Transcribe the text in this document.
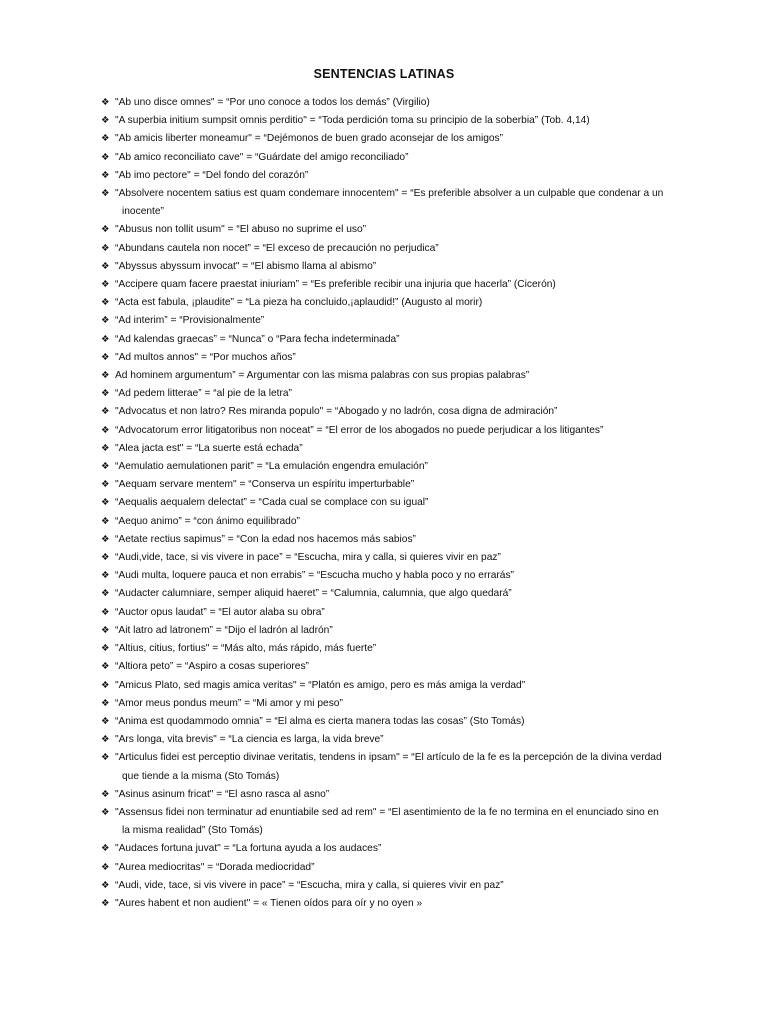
SENTENCIAS LATINAS
❖ "Ab uno disce omnes" = “Por uno conoce a todos los demás” (Virgilio)
❖ "A superbia initium sumpsit omnis perditio" = “Toda perdición toma su principio de la soberbia” (Tob. 4,14)
❖ "Ab amicis liberter moneamur" = “Dejémonos de buen grado aconsejar de los amigos”
❖ "Ab amico reconciliato cave" = “Guárdate del amigo reconciliado”
❖ "Ab imo pectore" = “Del fondo del corazón”
❖ "Absolvere nocentem satius est quam condemare innocentem" = “Es preferible absolver a un culpable que condenar a un
inocente”
❖ "Abusus non tollit usum" = “El abuso no suprime el uso”
❖ “Abundans cautela non nocet” = “El exceso de precaución no perjudica”
❖ "Abyssus abyssum invocat" = “El abismo llama al abismo”
❖ “Accipere quam facere praestat iniuriam” = “Es preferible recibir una injuria que hacerla” (Cicerón)
❖ “Acta est fabula, ¡plaudite” = “La pieza ha concluido,¡aplaudid!” (Augusto al morir)
❖ “Ad interim” = “Provisionalmente”
❖ “Ad kalendas graecas” = “Nunca” o “Para fecha indeterminada”
❖ "Ad multos annos" = “Por muchos años”
❖ Ad hominem argumentum” = Argumentar con las misma palabras con sus propias palabras”
❖ “Ad pedem litterae” = “al pie de la letra”
❖ "Advocatus et non latro? Res miranda populo" = “Abogado y no ladrón, cosa digna de admiración”
❖ “Advocatorum error litigatoribus non noceat” = “El error de los abogados no puede perjudicar a los litigantes”
❖ "Alea jacta est" = “La suerte está echada”
❖ “Aemulatio aemulationen parit” = “La emulación engendra emulación”
❖ "Aequam servare mentem" = “Conserva un espíritu imperturbable”
❖ “Aequalis aequalem delectat” = “Cada cual se complace con su igual”
❖ “Aequo animo” = “con ánimo equilibrado”
❖ “Aetate rectius sapimus” = “Con la edad nos hacemos más sabios”
❖ “Audi,vide, tace, si vis vivere in pace” = “Escucha, mira y calla, si quieres vivir en paz”
❖ “Audi multa, loquere pauca et non errabis” = “Escucha mucho y habla poco y no errarás”
❖ “Audacter calumniare, semper aliquid haeret” = “Calumnia, calumnia, que algo quedará”
❖ “Auctor opus laudat” = “El autor alaba su obra”
❖ “Ait latro ad latronem” = “Dijo el ladrón al ladrón”
❖ "Altius, citius, fortius" = “Más alto, más rápido, más fuerte”
❖ “Altiora peto” = “Aspiro a cosas superiores”
❖ "Amicus Plato, sed magis amica veritas" = “Platón es amigo, pero es más amiga la verdad”
❖ “Amor meus pondus meum” = “Mi amor y mi peso”
❖ “Anima est quodammodo omnia” = “El alma es cierta manera todas las cosas” (Sto Tomás)
❖ "Ars longa, vita brevis" = “La ciencia es larga, la vida breve”
❖ "Articulus fidei est perceptio divinae veritatis, tendens in ipsam" = “El artículo de la fe es la percepción de la divina verdad
que tiende a la misma (Sto Tomás)
❖ "Asinus asinum fricat" = “El asno rasca al asno”
❖ "Assensus fidei non terminatur ad enuntiabile sed ad rem" = “El asentimiento de la fe no termina en el enunciado sino en
la misma realidad” (Sto Tomás)
❖ "Audaces fortuna juvat" = “La fortuna ayuda a los audaces”
❖ "Aurea mediocritas" = “Dorada mediocridad”
❖ “Audi, vide, tace, si vis vivere in pace” = “Escucha, mira y calla, si quieres vivir en paz”
❖ "Aures habent et non audient" = « Tienen oídos para oír y no oyen »
